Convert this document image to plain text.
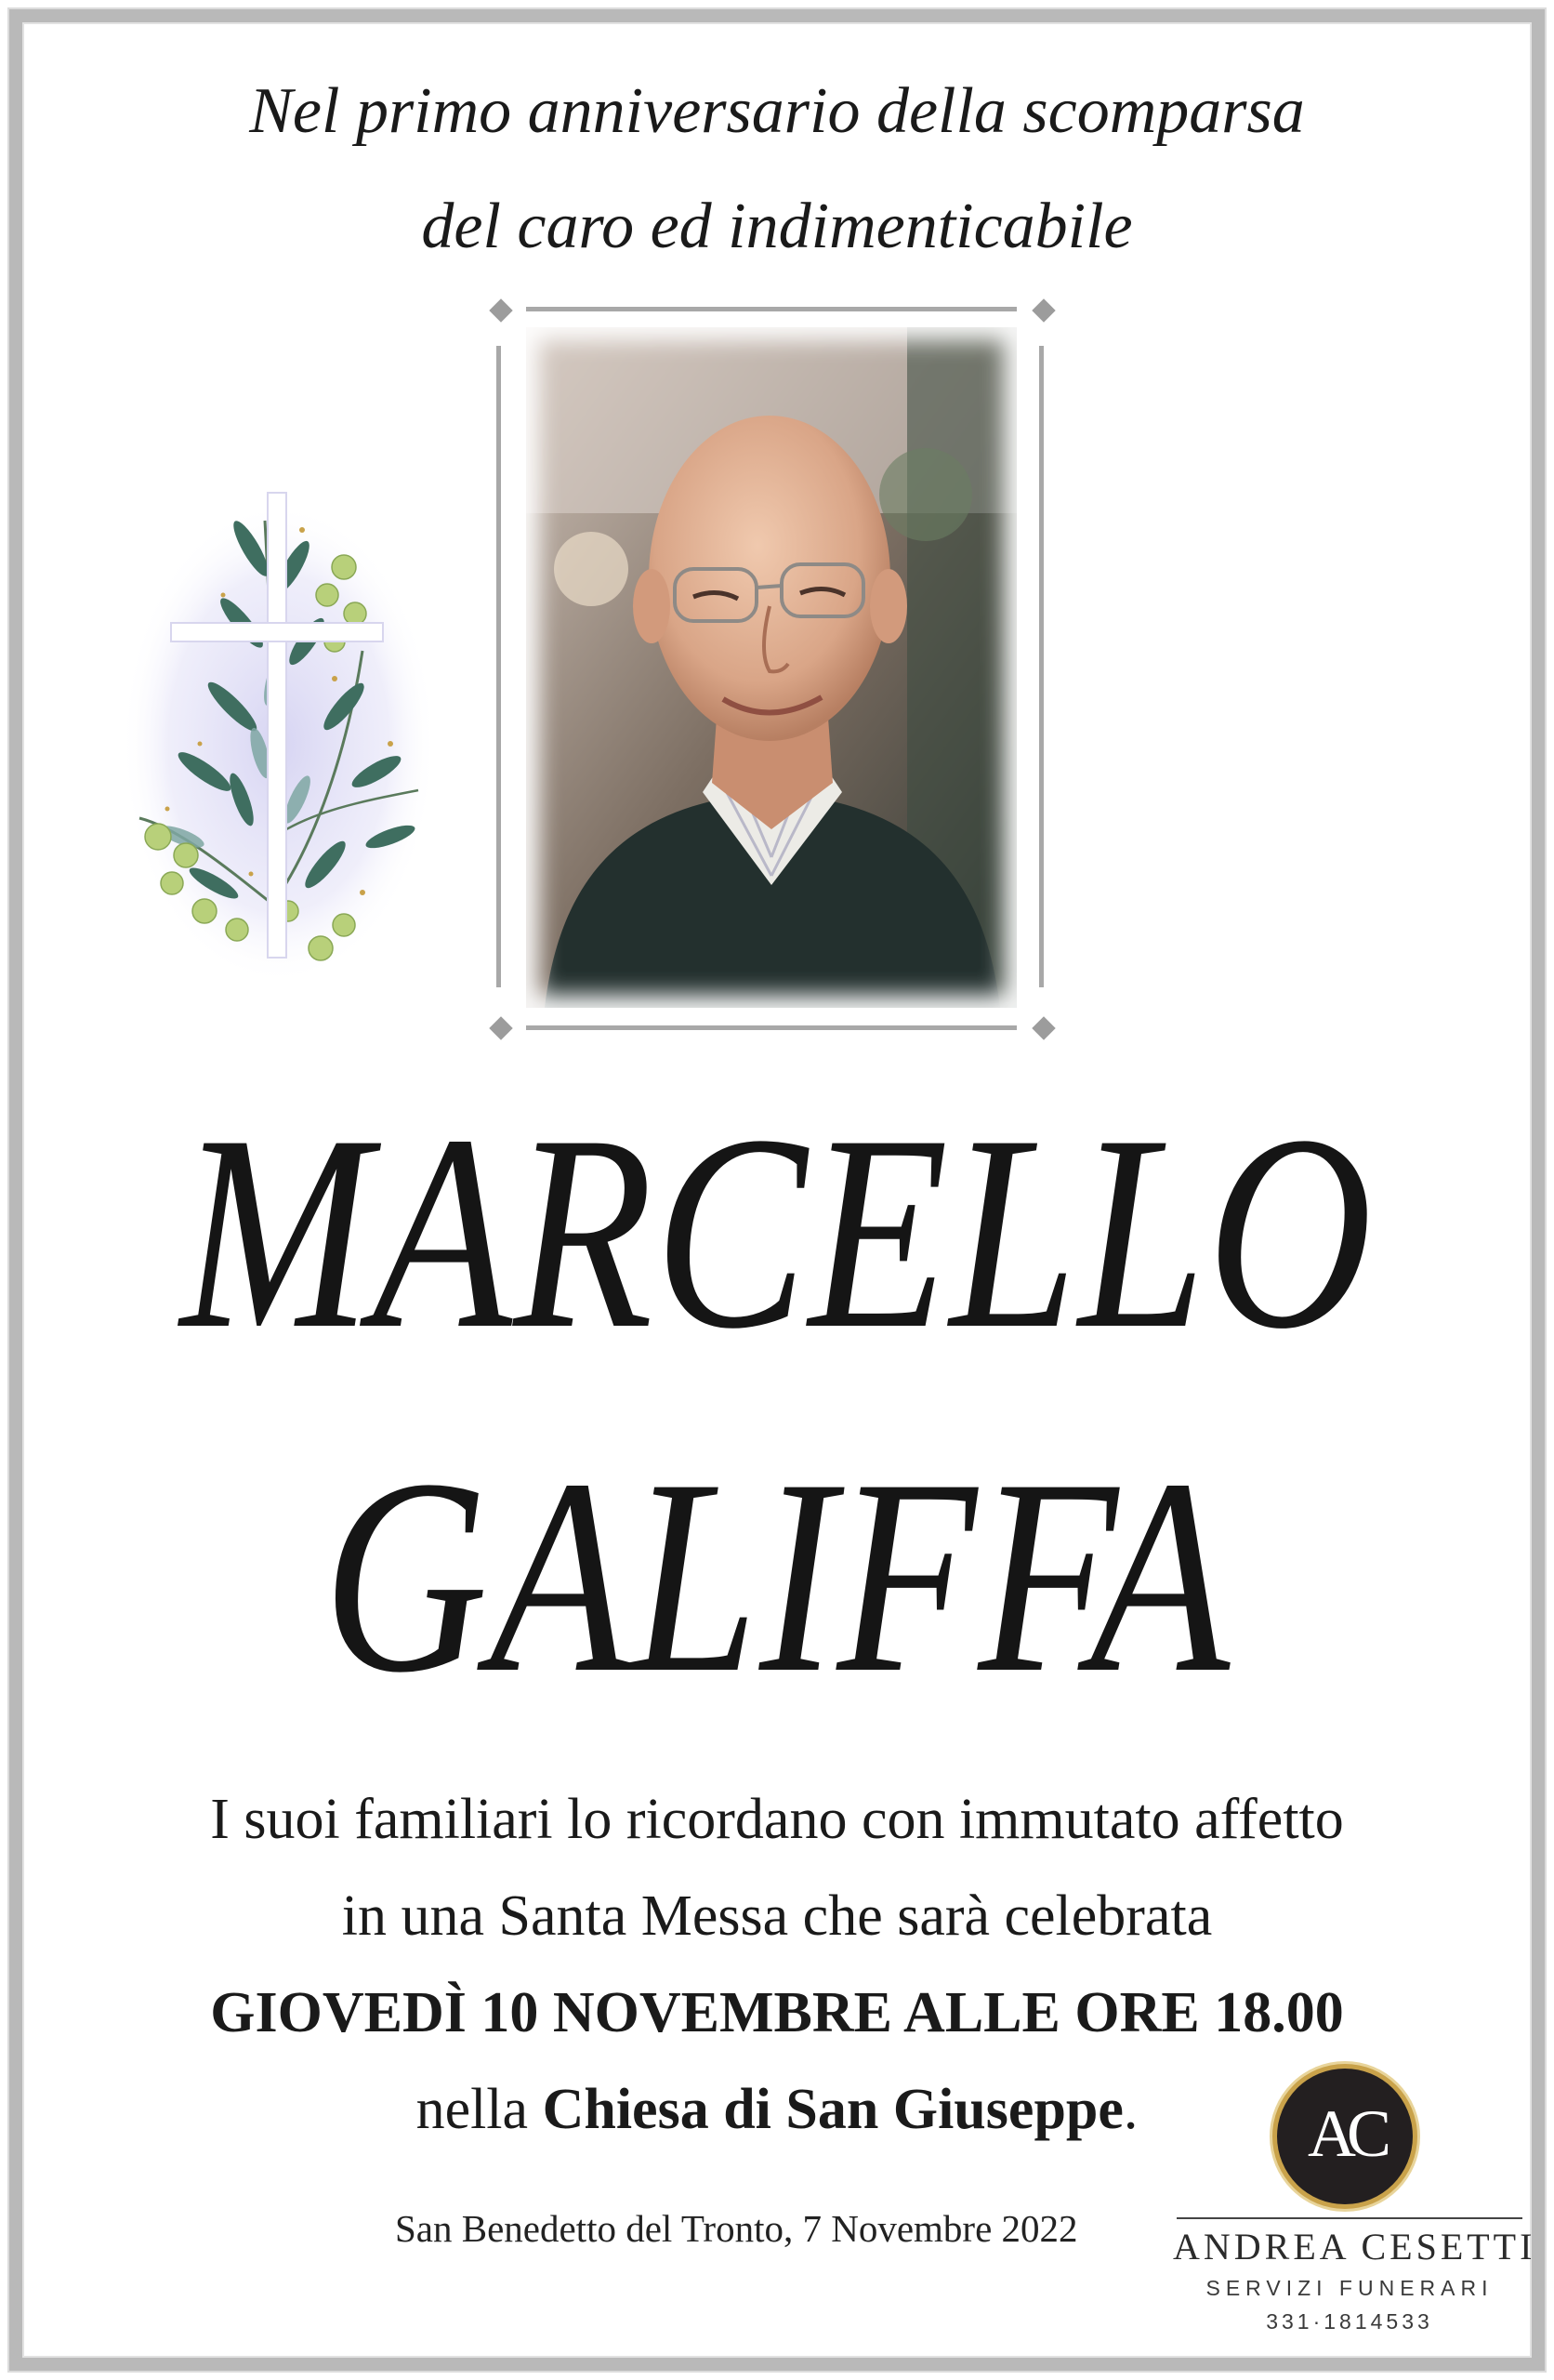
Nel primo anniversario della scomparsa
del caro ed indimenticabile
MARCELLO
GALIFFA
I suoi familiari lo ricordano con immutato affetto
in una Santa Messa che sarà celebrata
GIOVEDÌ 10 NOVEMBRE ALLE ORE 18.00
nella Chiesa di San Giuseppe.
San Benedetto del Tronto, 7 Novembre 2022
AC
ANDREA CESETTI
SERVIZI FUNERARI
331·1814533
